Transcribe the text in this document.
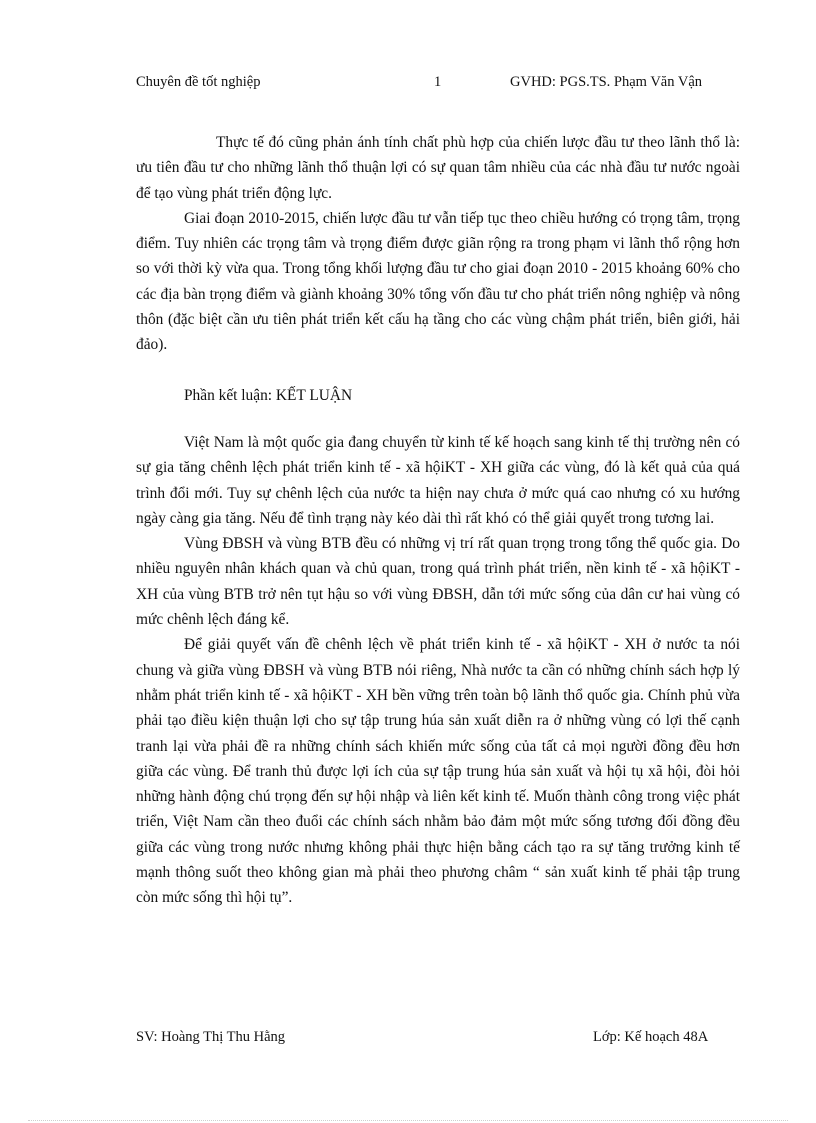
Chuyên đề tốt nghiệp	1	GVHD: PGS.TS. Phạm Văn Vận

Thực tế đó cũng phản ánh tính chất phù hợp của chiến lược đầu tư theo lãnh thổ là: ưu tiên đầu tư cho những lãnh thổ thuận lợi có sự quan tâm nhiều của các nhà đầu tư nước ngoài để tạo vùng phát triển động lực.

Giai đoạn 2010-2015, chiến lược đầu tư vẫn tiếp tục theo chiều hướng có trọng tâm, trọng điểm. Tuy nhiên các trọng tâm và trọng điểm được giãn rộng ra trong phạm vi lãnh thổ rộng hơn so với thời kỳ vừa qua. Trong tổng khối lượng đầu tư cho giai đoạn 2010 - 2015 khoảng 60% cho các địa bàn trọng điểm và giành khoảng 30% tổng vốn đầu tư cho phát triển nông nghiệp và nông thôn (đặc biệt cần ưu tiên phát triển kết cấu hạ tầng cho các vùng chậm phát triển, biên giới, hải đảo).

Phần kết luận: KẾT LUẬN

Việt Nam là một quốc gia đang chuyển từ kinh tế kế hoạch sang kinh tế thị trường nên có sự gia tăng chênh lệch phát triển kinh tế - xã hộiKT - XH giữa các vùng, đó là kết quả của quá trình đổi mới. Tuy sự chênh lệch của nước ta hiện nay chưa ở mức quá cao nhưng có xu hướng ngày càng gia tăng. Nếu để tình trạng này kéo dài thì rất khó có thể giải quyết trong tương lai.

Vùng ĐBSH và vùng BTB đều có những vị trí rất quan trọng trong tổng thể quốc gia. Do nhiều nguyên nhân khách quan và chủ quan, trong quá trình phát triển, nền kinh tế - xã hộiKT - XH của vùng BTB trở nên tụt hậu so với vùng ĐBSH, dẫn tới mức sống của dân cư hai vùng có mức chênh lệch đáng kể.

Để giải quyết vấn đề chênh lệch về phát triển kinh tế - xã hộiKT - XH ở nước ta nói chung và giữa vùng ĐBSH và vùng BTB nói riêng, Nhà nước ta cần có những chính sách hợp lý nhằm phát triển kinh tế - xã hộiKT - XH bền vững trên toàn bộ lãnh thổ quốc gia. Chính phủ vừa phải tạo điều kiện thuận lợi cho sự tập trung húa sản xuất diễn ra ở những vùng có lợi thế cạnh tranh lại vừa phải đề ra những chính sách khiến mức sống của tất cả mọi người đồng đều hơn giữa các vùng. Để tranh thủ được lợi ích của sự tập trung húa sản xuất và hội tụ xã hội, đòi hỏi những hành động chú trọng đến sự hội nhập và liên kết kinh tế. Muốn thành công trong việc phát triển, Việt Nam cần theo đuổi các chính sách nhằm bảo đảm một mức sống tương đối đồng đều giữa các vùng trong nước nhưng không phải thực hiện bằng cách tạo ra sự tăng trưởng kinh tế mạnh thông suốt theo không gian mà phải theo phương châm “ sản xuất kinh tế phải tập trung còn mức sống thì hội tụ”.

SV: Hoàng Thị Thu Hằng	Lớp: Kế hoạch 48A
